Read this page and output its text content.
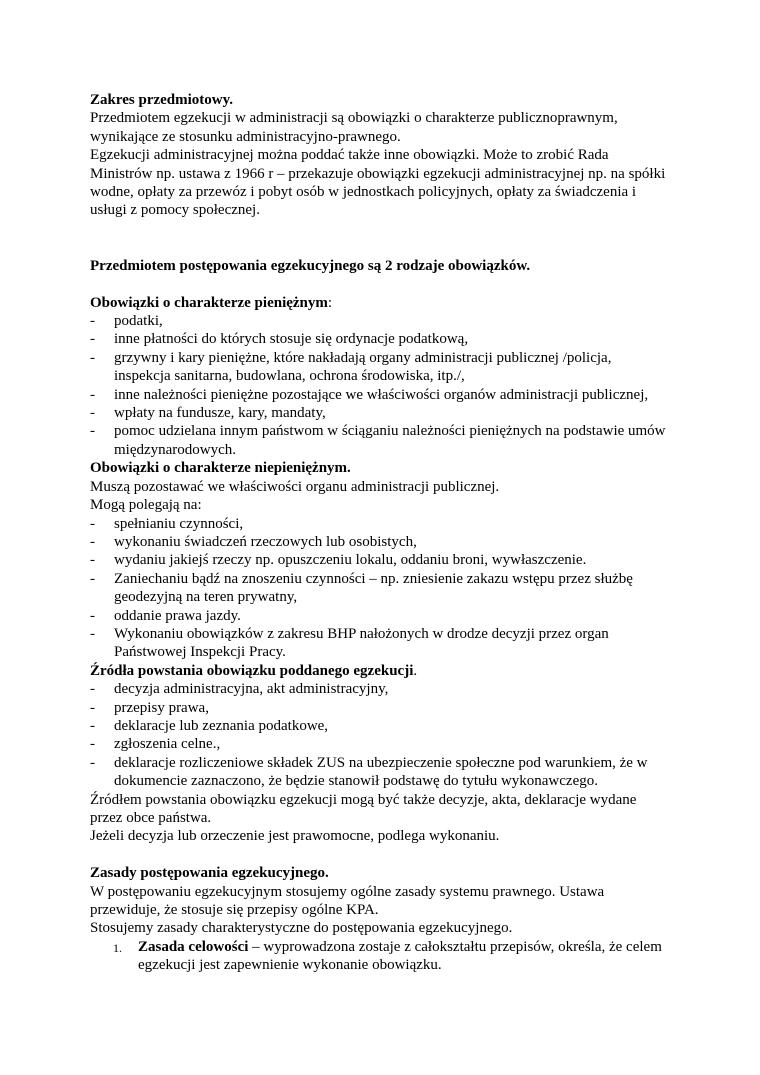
Zakres przedmiotowy.

Przedmiotem egzekucji w administracji są obowiązki o charakterze publicznoprawnym, wynikające ze stosunku administracyjno-prawnego.

Egzekucji administracyjnej można poddać także inne obowiązki. Może to zrobić Rada Ministrów np. ustawa z 1966 r – przekazuje obowiązki egzekucji administracyjnej np. na spółki wodne, opłaty za przewóz i pobyt osób w jednostkach policyjnych, opłaty za świadczenia i usługi z pomocy społecznej.

Przedmiotem postępowania egzekucyjnego są 2 rodzaje obowiązków.

Obowiązki o charakterze pieniężnym:

- podatki,
- inne płatności do których stosuje się ordynacje podatkową,
- grzywny i kary pieniężne, które nakładają organy administracji publicznej /policja, inspekcja sanitarna, budowlana, ochrona środowiska, itp./,
- inne należności pieniężne pozostające we właściwości organów administracji publicznej,
- wpłaty na fundusze, kary, mandaty,
- pomoc udzielana innym państwom w ściąganiu należności pieniężnych na podstawie umów międzynarodowych.

Obowiązki o charakterze niepieniężnym.

Muszą pozostawać we właściwości organu administracji publicznej.

Mogą polegają na:

- spełnianiu czynności,
- wykonaniu świadczeń rzeczowych lub osobistych,
- wydaniu jakiejś rzeczy np. opuszczeniu lokalu, oddaniu broni, wywłaszczenie.
- Zaniechaniu bądź na znoszeniu czynności – np. zniesienie zakazu wstępu przez służbę geodezyjną na teren prywatny,
- oddanie prawa jazdy.
- Wykonaniu obowiązków z zakresu BHP nałożonych w drodze decyzji przez organ Państwowej Inspekcji Pracy.

Źródła powstania obowiązku poddanego egzekucji.

- decyzja administracyjna, akt administracyjny,
- przepisy prawa,
- deklaracje lub zeznania podatkowe,
- zgłoszenia celne.,
- deklaracje rozliczeniowe składek ZUS na ubezpieczenie społeczne pod warunkiem, że w dokumencie zaznaczono, że będzie stanowił podstawę do tytułu wykonawczego.

Źródłem powstania obowiązku egzekucji mogą być także decyzje, akta, deklaracje wydane przez obce państwa.

Jeżeli decyzja lub orzeczenie jest prawomocne, podlega wykonaniu.

Zasady postępowania egzekucyjnego.

W postępowaniu egzekucyjnym stosujemy ogólne zasady systemu prawnego. Ustawa przewiduje, że stosuje się przepisy ogólne KPA.

Stosujemy zasady charakterystyczne do postępowania egzekucyjnego.

1. Zasada celowości – wyprowadzona zostaje z całokształtu przepisów, określa, że celem egzekucji jest zapewnienie wykonanie obowiązku.
